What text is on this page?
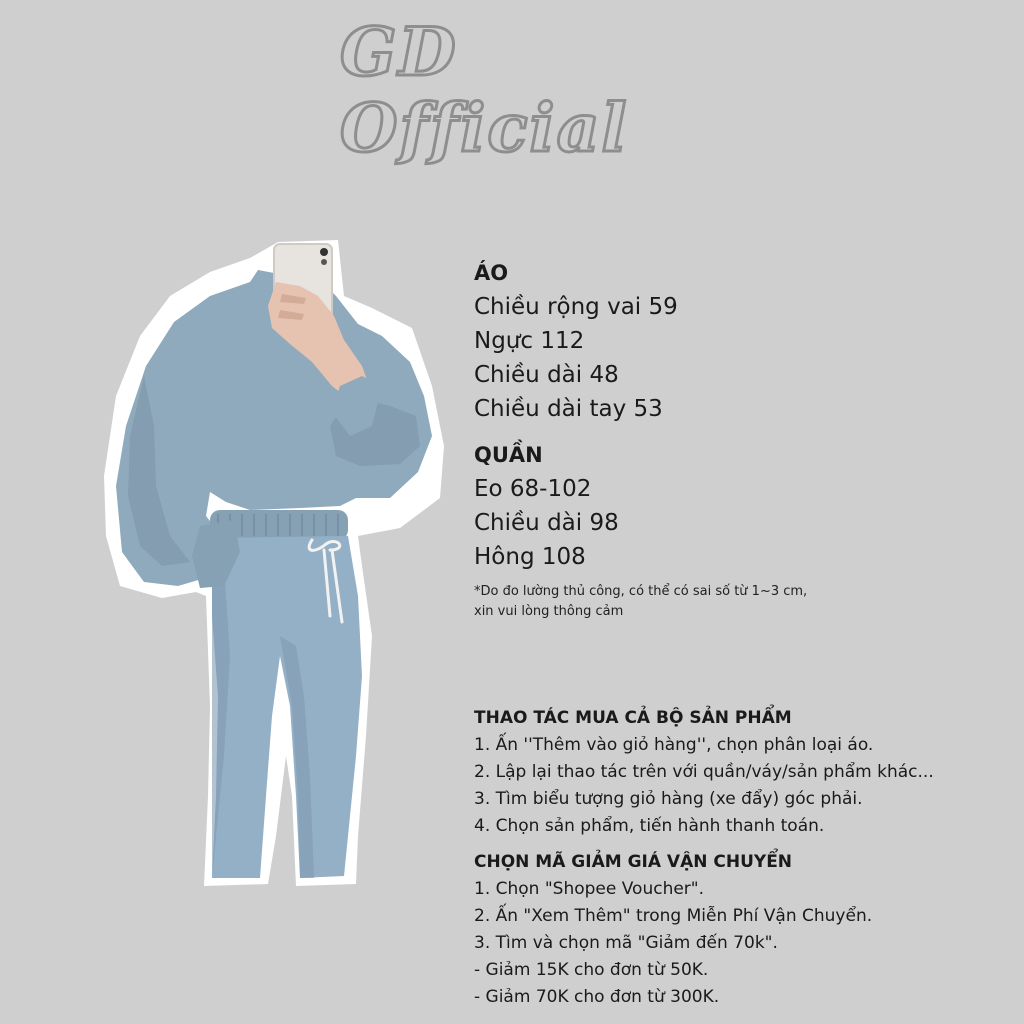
GD
Official
ÁO
Chiều rộng vai 59
Ngực 112
Chiều dài 48
Chiều dài tay 53
QUẦN
Eo 68-102
Chiều dài 98
Hông 108
*Do đo lường thủ công, có thể có sai số từ 1~3 cm,
xin vui lòng thông cảm
THAO TÁC MUA CẢ BỘ SẢN PHẨM
1. Ấn ''Thêm vào giỏ hàng'', chọn phân loại áo.
2. Lập lại thao tác trên với quần/váy/sản phẩm khác...
3. Tìm biểu tượng giỏ hàng (xe đẩy) góc phải.
4. Chọn sản phẩm, tiến hành thanh toán.
CHỌN MÃ GIẢM GIÁ VẬN CHUYỂN
1. Chọn "Shopee Voucher".
2. Ấn "Xem Thêm" trong Miễn Phí Vận Chuyển.
3. Tìm và chọn mã "Giảm đến 70k".
- Giảm 15K cho đơn từ 50K.
- Giảm 70K cho đơn từ 300K.
